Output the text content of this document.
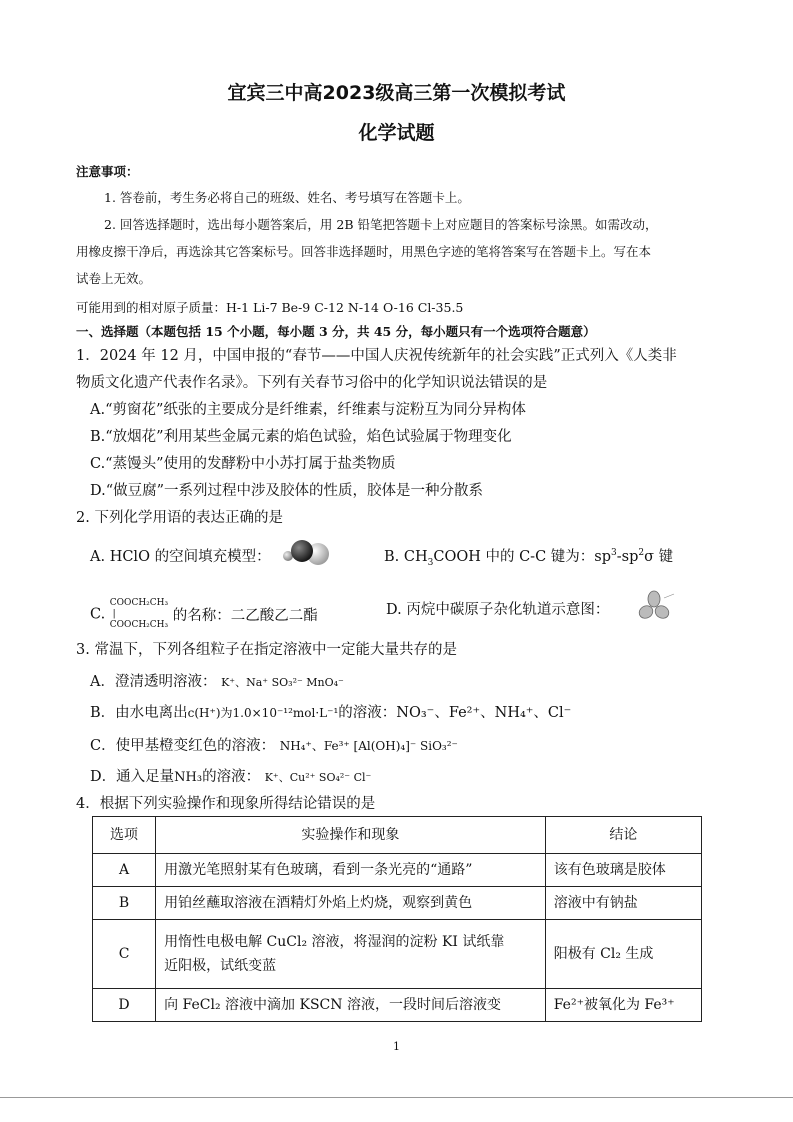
宜宾三中高2023级高三第一次模拟考试
化学试题
注意事项：
1. 答卷前，考生务必将自己的班级、姓名、考号填写在答题卡上。
2. 回答选择题时，选出每小题答案后，用 2B 铅笔把答题卡上对应题目的答案标号涂黑。如需改动，
用橡皮擦干净后，再选涂其它答案标号。回答非选择题时，用黑色字迹的笔将答案写在答题卡上。写在本
试卷上无效。
可能用到的相对原子质量：H-1 Li-7 Be-9 C-12 N-14 O-16 Cl-35.5
一、选择题（本题包括 15 个小题，每小题 3 分，共 45 分，每小题只有一个选项符合题意）
1．2024 年 12 月，中国申报的“春节——中国人庆祝传统新年的社会实践”正式列入《人类非
物质文化遗产代表作名录》。下列有关春节习俗中的化学知识说法错误的是
A.“剪窗花”纸张的主要成分是纤维素，纤维素与淀粉互为同分异构体
B.“放烟花”利用某些金属元素的焰色试验，焰色试验属于物理变化
C.“蒸馒头”使用的发酵粉中小苏打属于盐类物质
D.“做豆腐”一系列过程中涉及胶体的性质，胶体是一种分散系
2. 下列化学用语的表达正确的是
A. HClO 的空间填充模型：	B. $CH_3COOH$ 中的 C-C 键为：$sp^3-sp^2\sigma$ 键
C. COOCH₂CH₃
|
COOCH₂CH₃ 的名称：二乙酸乙二酯	D. 丙烷中碳原子杂化轨道示意图：
3. 常温下，下列各组粒子在指定溶液中一定能大量共存的是
A．澄清透明溶液： K⁺、Na⁺ SO₃²⁻ MnO₄⁻
B．由水电离出c(H⁺)为1.0×10⁻¹²mol·L⁻¹的溶液：NO₃⁻、Fe²⁺、NH₄⁺、Cl⁻
C．使甲基橙变红色的溶液： NH₄⁺、Fe³⁺ [Al(OH)₄]⁻ SiO₃²⁻
D．通入足量NH₃的溶液： K⁺、Cu²⁺ SO₄²⁻ Cl⁻
4．根据下列实验操作和现象所得结论错误的是
选项	实验操作和现象	结论
A	用激光笔照射某有色玻璃，看到一条光亮的“通路”	该有色玻璃是胶体
B	用铂丝蘸取溶液在酒精灯外焰上灼烧，观察到黄色	溶液中有钠盐
C	用惰性电极电解 CuCl₂ 溶液，将湿润的淀粉 KI 试纸靠
近阳极，试纸变蓝	阳极有 Cl₂ 生成
D	向 FeCl₂ 溶液中滴加 KSCN 溶液，一段时间后溶液变	Fe²⁺被氧化为 Fe³⁺
1
